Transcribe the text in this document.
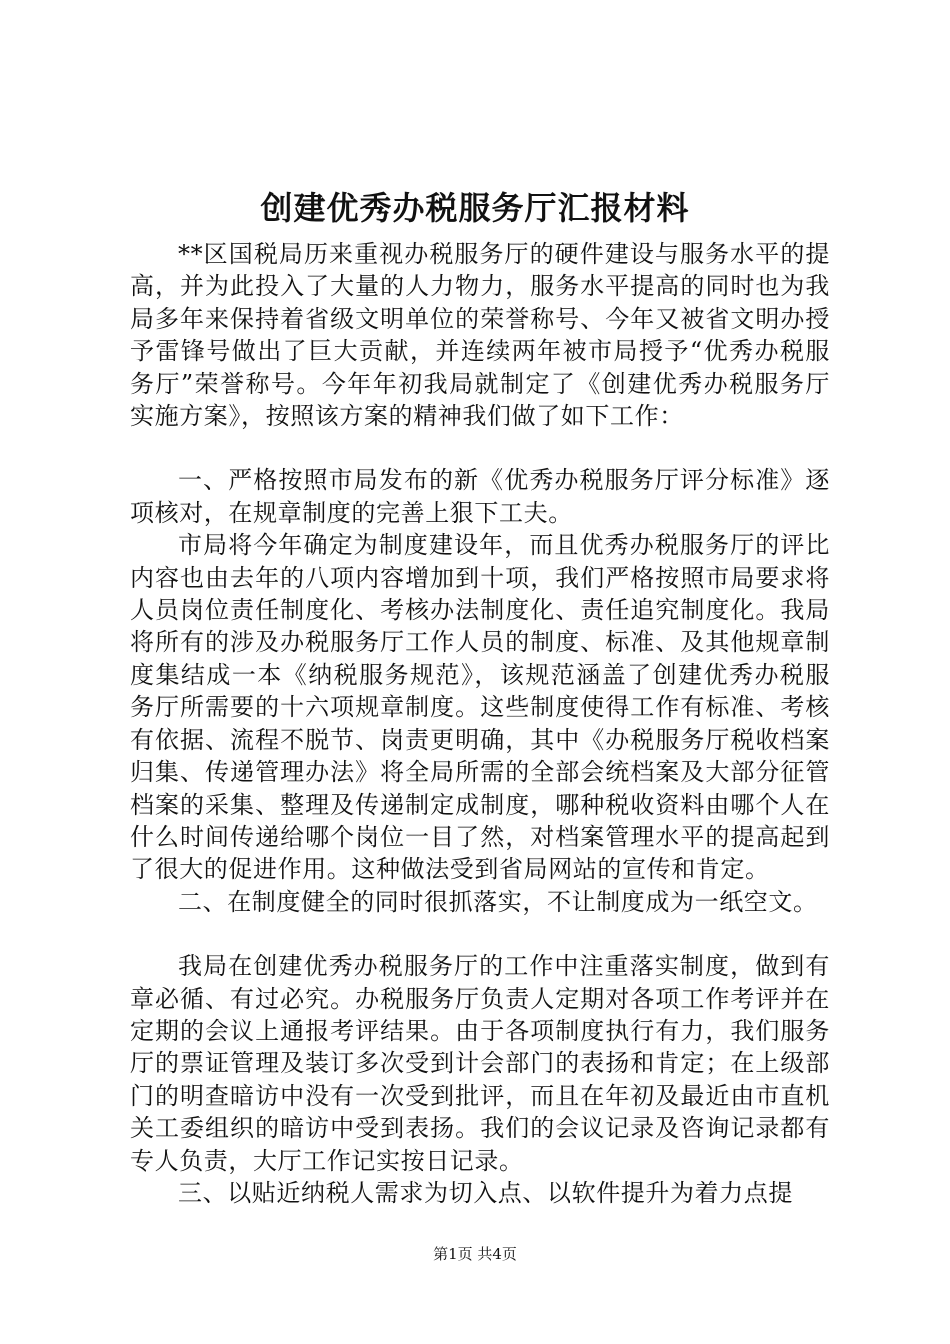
创建优秀办税服务厅汇报材料

**区国税局历来重视办税服务厅的硬件建设与服务水平的提高，并为此投入了大量的人力物力，服务水平提高的同时也为我局多年来保持着省级文明单位的荣誉称号、今年又被省文明办授予雷锋号做出了巨大贡献，并连续两年被市局授予“优秀办税服务厅”荣誉称号。今年年初我局就制定了《创建优秀办税服务厅实施方案》，按照该方案的精神我们做了如下工作：

一、严格按照市局发布的新《优秀办税服务厅评分标准》逐项核对，在规章制度的完善上狠下工夫。

市局将今年确定为制度建设年，而且优秀办税服务厅的评比内容也由去年的八项内容增加到十项，我们严格按照市局要求将人员岗位责任制度化、考核办法制度化、责任追究制度化。我局将所有的涉及办税服务厅工作人员的制度、标准、及其他规章制度集结成一本《纳税服务规范》，该规范涵盖了创建优秀办税服务厅所需要的十六项规章制度。这些制度使得工作有标准、考核有依据、流程不脱节、岗责更明确，其中《办税服务厅税收档案归集、传递管理办法》将全局所需的全部会统档案及大部分征管档案的采集、整理及传递制定成制度，哪种税收资料由哪个人在什么时间传递给哪个岗位一目了然，对档案管理水平的提高起到了很大的促进作用。这种做法受到省局网站的宣传和肯定。

二、在制度健全的同时很抓落实，不让制度成为一纸空文。

我局在创建优秀办税服务厅的工作中注重落实制度，做到有章必循、有过必究。办税服务厅负责人定期对各项工作考评并在定期的会议上通报考评结果。由于各项制度执行有力，我们服务厅的票证管理及装订多次受到计会部门的表扬和肯定；在上级部门的明查暗访中没有一次受到批评，而且在年初及最近由市直机关工委组织的暗访中受到表扬。我们的会议记录及咨询记录都有专人负责，大厅工作记实按日记录。

三、以贴近纳税人需求为切入点、以软件提升为着力点提

第1页 共4页
